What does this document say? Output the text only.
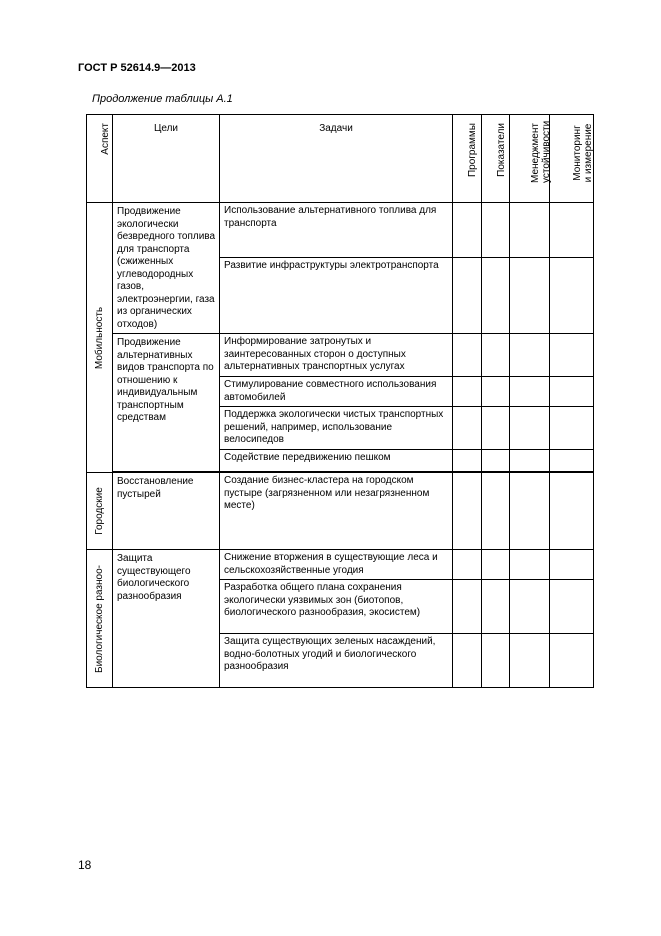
ГОСТ Р 52614.9—2013
Продолжение таблицы А.1
Аспект	Цели	Задачи	Программы	Показатели	Менеджмент устойчивости	Мониторинг и измерение

Мобильность	Продвижение экологически безвредного топлива для транспорта (сжиженных углеводородных газов, электроэнергии, газа из органических отходов)	Использование альтернативного топлива для транспорта				

		Развитие инфраструктуры электротранспорта				

	Продвижение альтернативных видов транспорта по отношению к индивидуальным транспортным средствам	Информирование затронутых и заинтересованных сторон о доступных альтернативных транспортных услугах				

		Стимулирование совместного использования автомобилей				

		Поддержка экологически чистых транспортных решений, например, использование велосипедов				

		Содействие передвижению пешком				

Городские	Восстановление пустырей	Создание бизнес-кластера на городском пустыре (загрязненном или незагрязненном месте)				

Биологическое разноо-	Защита существующего биологического разнообразия	Снижение вторжения в существующие леса и сельскохозяйственные угодия				

		Разработка общего плана сохранения экологически уязвимых зон (биотопов, биологического разнообразия, экосистем)				

		Защита существующих зеленых насаждений, водно-болотных угодий и биологического разнообразия				

18
